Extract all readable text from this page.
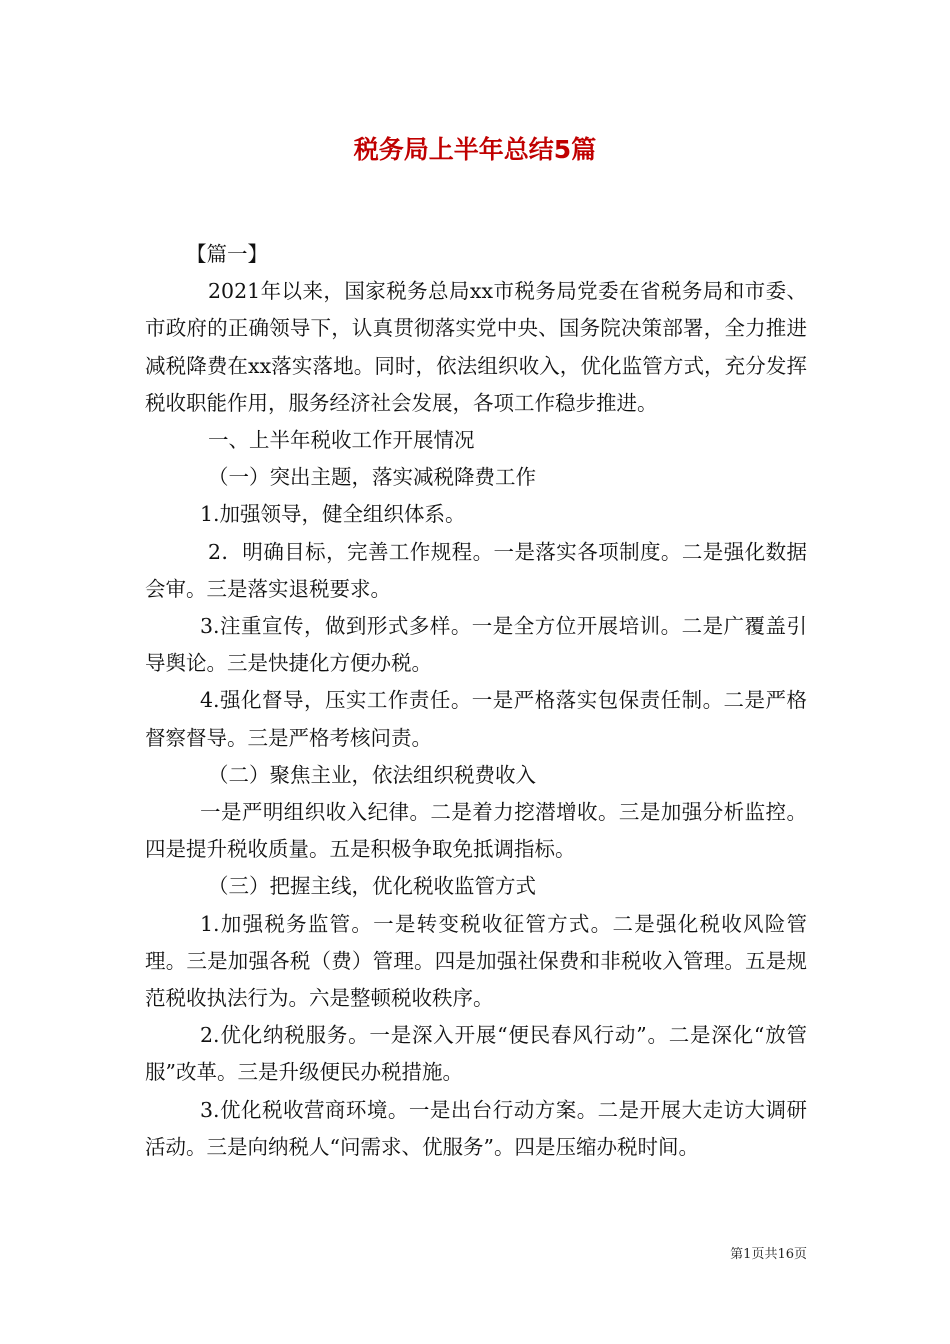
税务局上半年总结5篇

【篇一】

2021年以来，国家税务总局xx市税务局党委在省税务局和市委、市政府的正确领导下，认真贯彻落实党中央、国务院决策部署，全力推进减税降费在xx落实落地。同时，依法组织收入，优化监管方式，充分发挥税收职能作用，服务经济社会发展，各项工作稳步推进。

一、上半年税收工作开展情况

（一）突出主题，落实减税降费工作

1.加强领导，健全组织体系。

2．明确目标，完善工作规程。一是落实各项制度。二是强化数据会审。三是落实退税要求。

3.注重宣传，做到形式多样。一是全方位开展培训。二是广覆盖引导舆论。三是快捷化方便办税。

4.强化督导，压实工作责任。一是严格落实包保责任制。二是严格督察督导。三是严格考核问责。

（二）聚焦主业，依法组织税费收入

一是严明组织收入纪律。二是着力挖潜增收。三是加强分析监控。四是提升税收质量。五是积极争取免抵调指标。

（三）把握主线，优化税收监管方式

1.加强税务监管。一是转变税收征管方式。二是强化税收风险管理。三是加强各税（费）管理。四是加强社保费和非税收入管理。五是规范税收执法行为。六是整顿税收秩序。

2.优化纳税服务。一是深入开展“便民春风行动”。二是深化“放管服”改革。三是升级便民办税措施。

3.优化税收营商环境。一是出台行动方案。二是开展大走访大调研活动。三是向纳税人“问需求、优服务”。四是压缩办税时间。

第1页共16页
